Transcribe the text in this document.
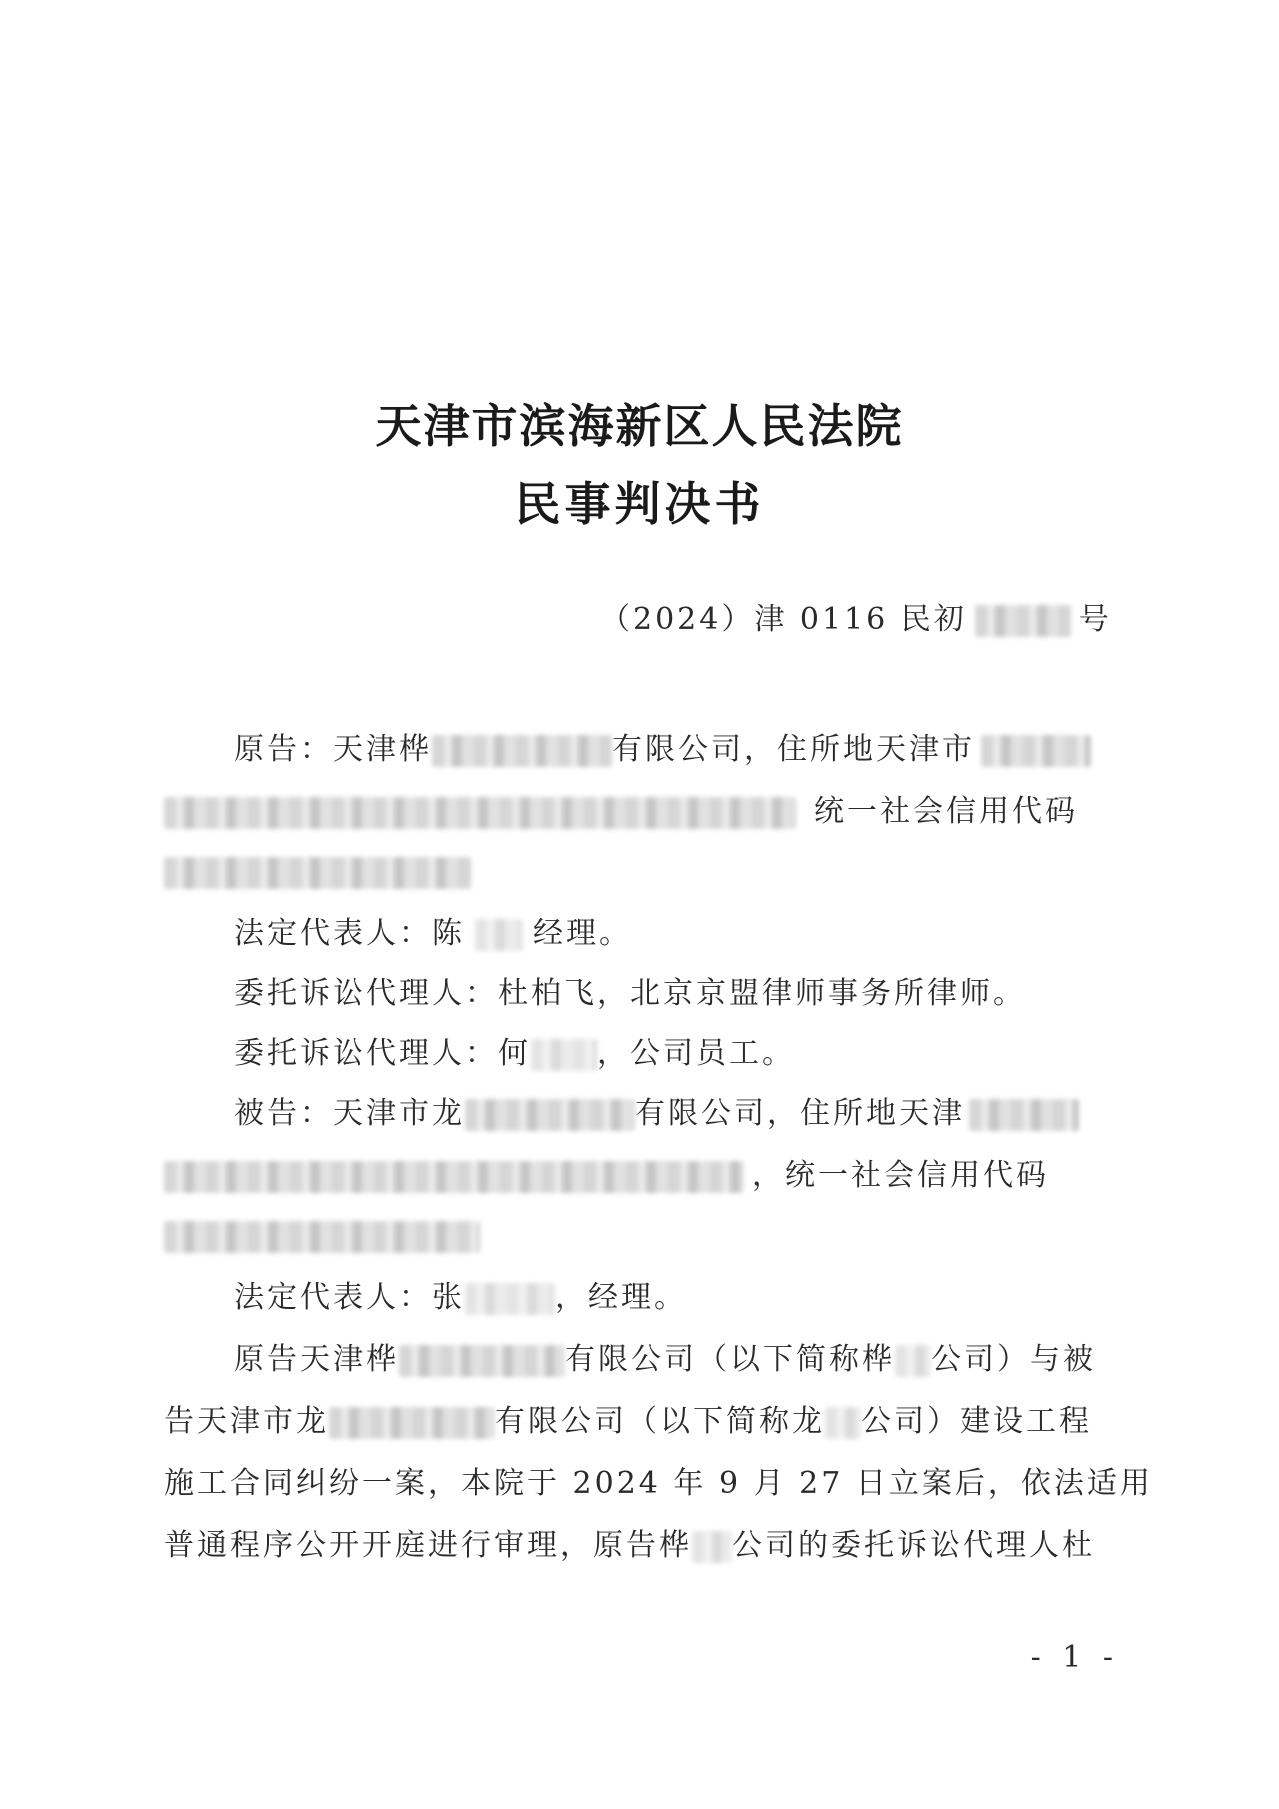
天津市滨海新区人民法院
民事判决书
（2024）津 0116 民初	号
原告：天津桦	有限公司，住所地天津市
统一社会信用代码
法定代表人：陈 经理。
委托诉讼代理人：杜柏飞，北京京盟律师事务所律师。
委托诉讼代理人：何 ，公司员工。
被告：天津市龙	有限公司，住所地天津
，统一社会信用代码
法定代表人：张	，经理。
原告天津桦	有限公司（以下简称桦 公司）与被
告天津市龙	有限公司（以下简称龙 公司）建设工程
施工合同纠纷一案，本院于 2024 年 9 月 27 日立案后，依法适用
普通程序公开开庭进行审理，原告桦 公司的委托诉讼代理人杜
- 1 -
